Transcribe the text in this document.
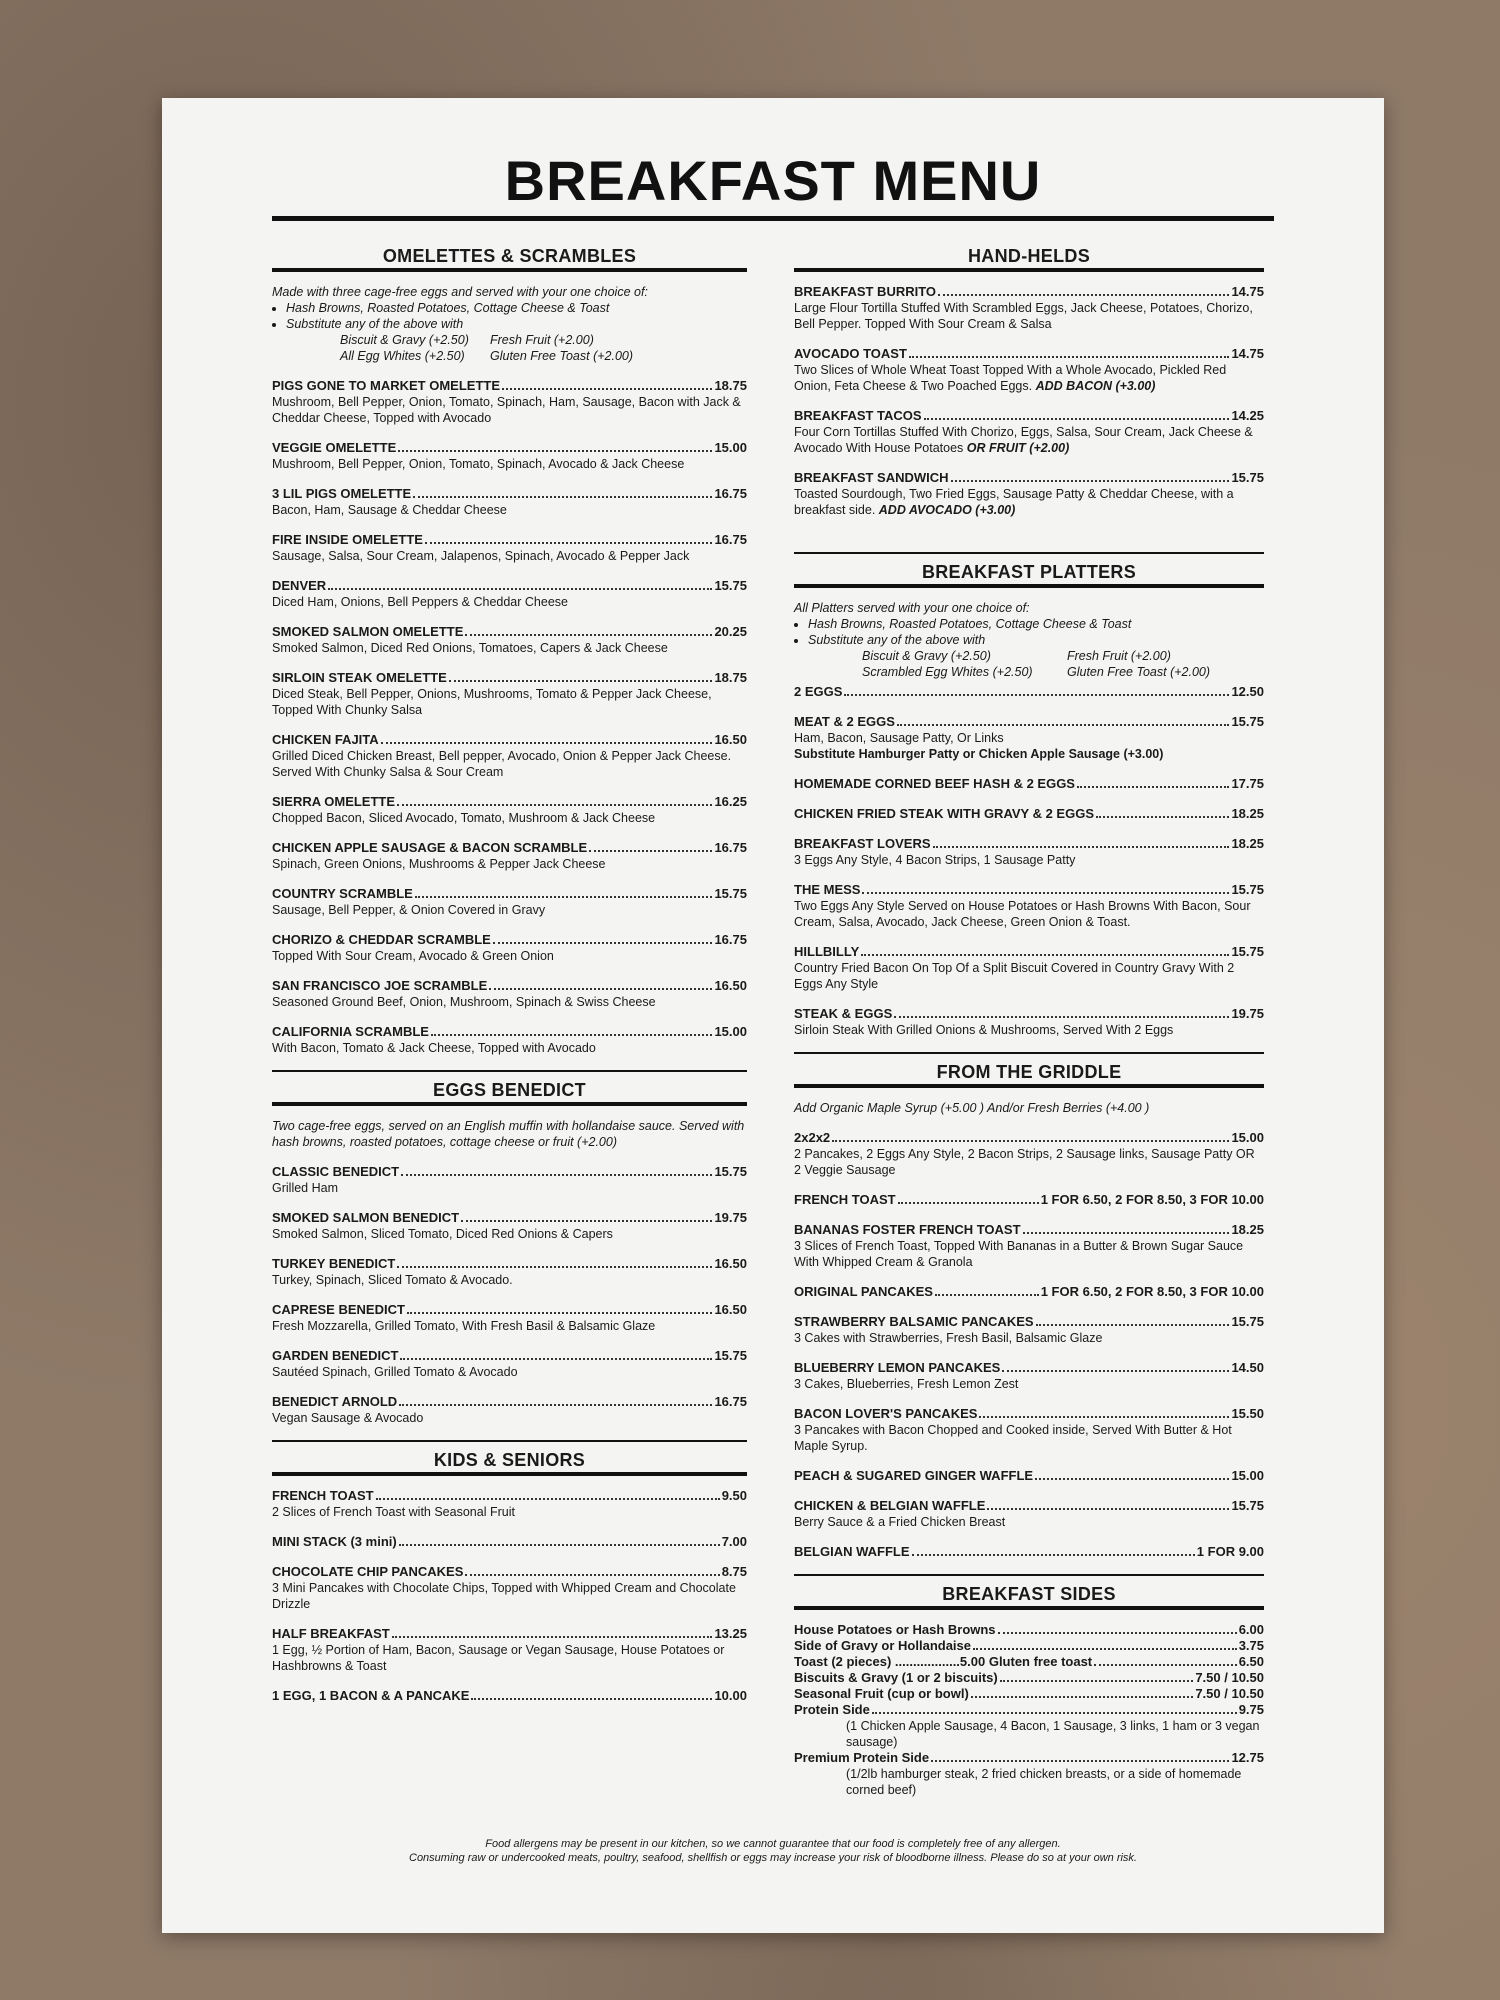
BREAKFAST MENU
OMELETTES & SCRAMBLES
Made with three cage-free eggs and served with your one choice of:
• Hash Browns, Roasted Potatoes, Cottage Cheese & Toast
• Substitute any of the above with
Biscuit & Gravy (+2.50)	Fresh Fruit (+2.00)
All Egg Whites (+2.50)	Gluten Free Toast (+2.00)
PIGS GONE TO MARKET OMELETTE	18.75
Mushroom, Bell Pepper, Onion, Tomato, Spinach, Ham, Sausage, Bacon with Jack & Cheddar Cheese, Topped with Avocado
VEGGIE OMELETTE	15.00
Mushroom, Bell Pepper, Onion, Tomato, Spinach, Avocado & Jack Cheese
3 LIL PIGS OMELETTE	16.75
Bacon, Ham, Sausage & Cheddar Cheese
FIRE INSIDE OMELETTE	16.75
Sausage, Salsa, Sour Cream, Jalapenos, Spinach, Avocado & Pepper Jack
DENVER	15.75
Diced Ham, Onions, Bell Peppers & Cheddar Cheese
SMOKED SALMON OMELETTE	20.25
Smoked Salmon, Diced Red Onions, Tomatoes, Capers & Jack Cheese
SIRLOIN STEAK OMELETTE	18.75
Diced Steak, Bell Pepper, Onions, Mushrooms, Tomato & Pepper Jack Cheese, Topped With Chunky Salsa
CHICKEN FAJITA	16.50
Grilled Diced Chicken Breast, Bell pepper, Avocado, Onion & Pepper Jack Cheese. Served With Chunky Salsa & Sour Cream
SIERRA OMELETTE	16.25
Chopped Bacon, Sliced Avocado, Tomato, Mushroom & Jack Cheese
CHICKEN APPLE SAUSAGE & BACON SCRAMBLE	16.75
Spinach, Green Onions, Mushrooms & Pepper Jack Cheese
COUNTRY SCRAMBLE	15.75
Sausage, Bell Pepper, & Onion Covered in Gravy
CHORIZO & CHEDDAR SCRAMBLE	16.75
Topped With Sour Cream, Avocado & Green Onion
SAN FRANCISCO JOE SCRAMBLE	16.50
Seasoned Ground Beef, Onion, Mushroom, Spinach & Swiss Cheese
CALIFORNIA SCRAMBLE	15.00
With Bacon, Tomato & Jack Cheese, Topped with Avocado
EGGS BENEDICT
Two cage-free eggs, served on an English muffin with hollandaise sauce. Served with hash browns, roasted potatoes, cottage cheese or fruit (+2.00)
CLASSIC BENEDICT	15.75
Grilled Ham
SMOKED SALMON BENEDICT	19.75
Smoked Salmon, Sliced Tomato, Diced Red Onions & Capers
TURKEY BENEDICT	16.50
Turkey, Spinach, Sliced Tomato & Avocado.
CAPRESE BENEDICT	16.50
Fresh Mozzarella, Grilled Tomato, With Fresh Basil & Balsamic Glaze
GARDEN BENEDICT	15.75
Sautéed Spinach, Grilled Tomato & Avocado
BENEDICT ARNOLD	16.75
Vegan Sausage & Avocado
KIDS & SENIORS
FRENCH TOAST	9.50
2 Slices of French Toast with Seasonal Fruit
MINI STACK (3 mini)	7.00
CHOCOLATE CHIP PANCAKES	8.75
3 Mini Pancakes with Chocolate Chips, Topped with Whipped Cream and Chocolate Drizzle
HALF BREAKFAST	13.25
1 Egg, ½ Portion of Ham, Bacon, Sausage or Vegan Sausage, House Potatoes or Hashbrowns & Toast
1 EGG, 1 BACON & A PANCAKE	10.00
HAND-HELDS
BREAKFAST BURRITO	14.75
Large Flour Tortilla Stuffed With Scrambled Eggs, Jack Cheese, Potatoes, Chorizo, Bell Pepper. Topped With Sour Cream & Salsa
AVOCADO TOAST	14.75
Two Slices of Whole Wheat Toast Topped With a Whole Avocado, Pickled Red Onion, Feta Cheese & Two Poached Eggs. ADD BACON (+3.00)
BREAKFAST TACOS	14.25
Four Corn Tortillas Stuffed With Chorizo, Eggs, Salsa, Sour Cream, Jack Cheese & Avocado With House Potatoes OR FRUIT (+2.00)
BREAKFAST SANDWICH	15.75
Toasted Sourdough, Two Fried Eggs, Sausage Patty & Cheddar Cheese, with a breakfast side. ADD AVOCADO (+3.00)
BREAKFAST PLATTERS
All Platters served with your one choice of:
• Hash Browns, Roasted Potatoes, Cottage Cheese & Toast
• Substitute any of the above with
Biscuit & Gravy (+2.50)	Fresh Fruit (+2.00)
Scrambled Egg Whites (+2.50)	Gluten Free Toast (+2.00)
2 EGGS	12.50
MEAT & 2 EGGS	15.75
Ham, Bacon, Sausage Patty, Or Links
Substitute Hamburger Patty or Chicken Apple Sausage (+3.00)
HOMEMADE CORNED BEEF HASH & 2 EGGS	17.75
CHICKEN FRIED STEAK WITH GRAVY & 2 EGGS	18.25
BREAKFAST LOVERS	18.25
3 Eggs Any Style, 4 Bacon Strips, 1 Sausage Patty
THE MESS	15.75
Two Eggs Any Style Served on House Potatoes or Hash Browns With Bacon, Sour Cream, Salsa, Avocado, Jack Cheese, Green Onion & Toast.
HILLBILLY	15.75
Country Fried Bacon On Top Of a Split Biscuit Covered in Country Gravy With 2 Eggs Any Style
STEAK & EGGS	19.75
Sirloin Steak With Grilled Onions & Mushrooms, Served With 2 Eggs
FROM THE GRIDDLE
Add Organic Maple Syrup (+5.00 ) And/or Fresh Berries (+4.00 )
2x2x2	15.00
2 Pancakes, 2 Eggs Any Style, 2 Bacon Strips, 2 Sausage links, Sausage Patty OR 2 Veggie Sausage
FRENCH TOAST	1 FOR 6.50, 2 FOR 8.50, 3 FOR 10.00
BANANAS FOSTER FRENCH TOAST	18.25
3 Slices of French Toast, Topped With Bananas in a Butter & Brown Sugar Sauce With Whipped Cream & Granola
ORIGINAL PANCAKES	1 FOR 6.50, 2 FOR 8.50, 3 FOR 10.00
STRAWBERRY BALSAMIC PANCAKES	15.75
3 Cakes with Strawberries, Fresh Basil, Balsamic Glaze
BLUEBERRY LEMON PANCAKES	14.50
3 Cakes, Blueberries, Fresh Lemon Zest
BACON LOVER'S PANCAKES	15.50
3 Pancakes with Bacon Chopped and Cooked inside, Served With Butter & Hot Maple Syrup.
PEACH & SUGARED GINGER WAFFLE	15.00
CHICKEN & BELGIAN WAFFLE	15.75
Berry Sauce & a Fried Chicken Breast
BELGIAN WAFFLE	1 FOR 9.00
BREAKFAST SIDES
House Potatoes or Hash Browns	6.00
Side of Gravy or Hollandaise	3.75
Toast (2 pieces) ..................5.00 Gluten free toast	6.50
Biscuits & Gravy (1 or 2 biscuits)	7.50 / 10.50
Seasonal Fruit (cup or bowl)	7.50 / 10.50
Protein Side	9.75
(1 Chicken Apple Sausage, 4 Bacon, 1 Sausage, 3 links, 1 ham or 3 vegan sausage)
Premium Protein Side	12.75
(1/2lb hamburger steak, 2 fried chicken breasts, or a side of homemade corned beef)
Food allergens may be present in our kitchen, so we cannot guarantee that our food is completely free of any allergen.
Consuming raw or undercooked meats, poultry, seafood, shellfish or eggs may increase your risk of bloodborne illness. Please do so at your own risk.
